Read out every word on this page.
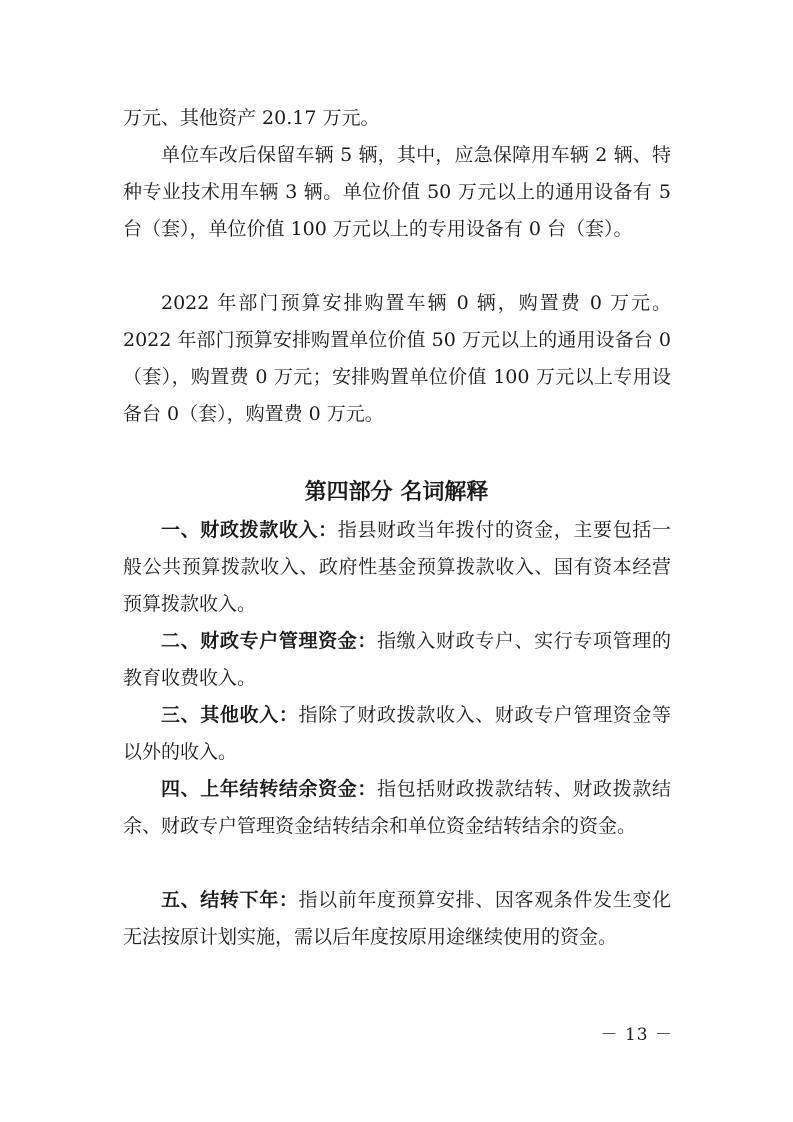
万元、其他资产 20.17 万元。

单位车改后保留车辆 5 辆，其中，应急保障用车辆 2 辆、特种专业技术用车辆 3 辆。单位价值 50 万元以上的通用设备有 5 台（套），单位价值 100 万元以上的专用设备有 0 台（套）。

2022 年部门预算安排购置车辆 0 辆，购置费 0 万元。2022 年部门预算安排购置单位价值 50 万元以上的通用设备台 0（套），购置费 0 万元；安排购置单位价值 100 万元以上专用设备台 0（套），购置费 0 万元。

第四部分 名词解释

一、财政拨款收入：指县财政当年拨付的资金，主要包括一般公共预算拨款收入、政府性基金预算拨款收入、国有资本经营预算拨款收入。

二、财政专户管理资金：指缴入财政专户、实行专项管理的教育收费收入。

三、其他收入：指除了财政拨款收入、财政专户管理资金等以外的收入。

四、上年结转结余资金：指包括财政拨款结转、财政拨款结余、财政专户管理资金结转结余和单位资金结转结余的资金。

五、结转下年：指以前年度预算安排、因客观条件发生变化无法按原计划实施，需以后年度按原用途继续使用的资金。

－ 13 －
